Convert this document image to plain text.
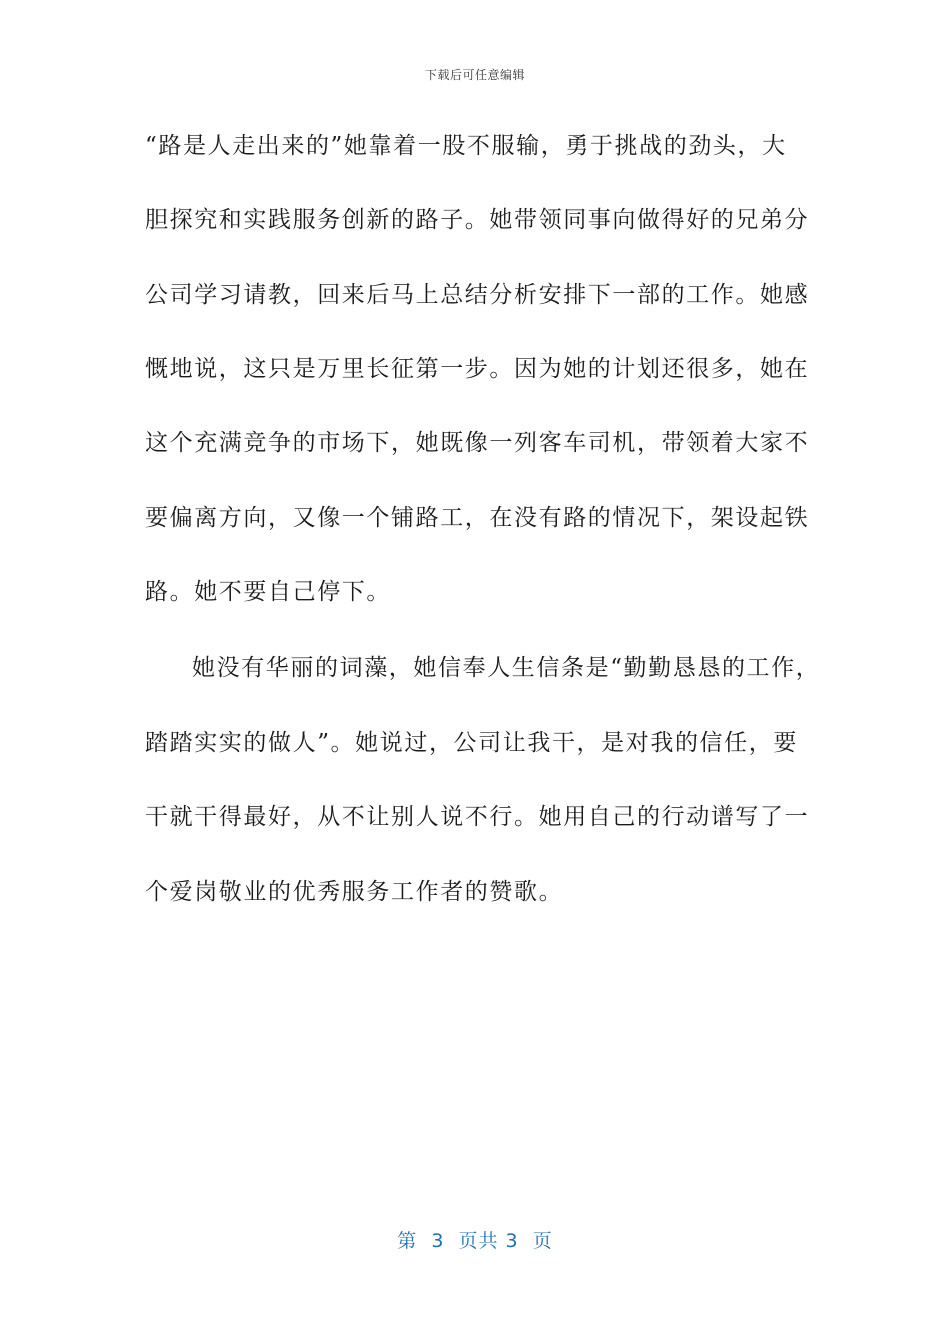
下载后可任意编辑
“路是人走出来的”她靠着一股不服输，勇于挑战的劲头，大
胆探究和实践服务创新的路子。她带领同事向做得好的兄弟分
公司学习请教，回来后马上总结分析安排下一部的工作。她感
慨地说，这只是万里长征第一步。因为她的计划还很多，她在
这个充满竞争的市场下，她既像一列客车司机，带领着大家不
要偏离方向，又像一个铺路工，在没有路的情况下，架设起铁
路。她不要自己停下。
她没有华丽的词藻，她信奉人生信条是“勤勤恳恳的工作，
踏踏实实的做人”。她说过，公司让我干，是对我的信任，要
干就干得最好，从不让别人说不行。她用自己的行动谱写了一
个爱岗敬业的优秀服务工作者的赞歌。
第  3  页共 3  页
